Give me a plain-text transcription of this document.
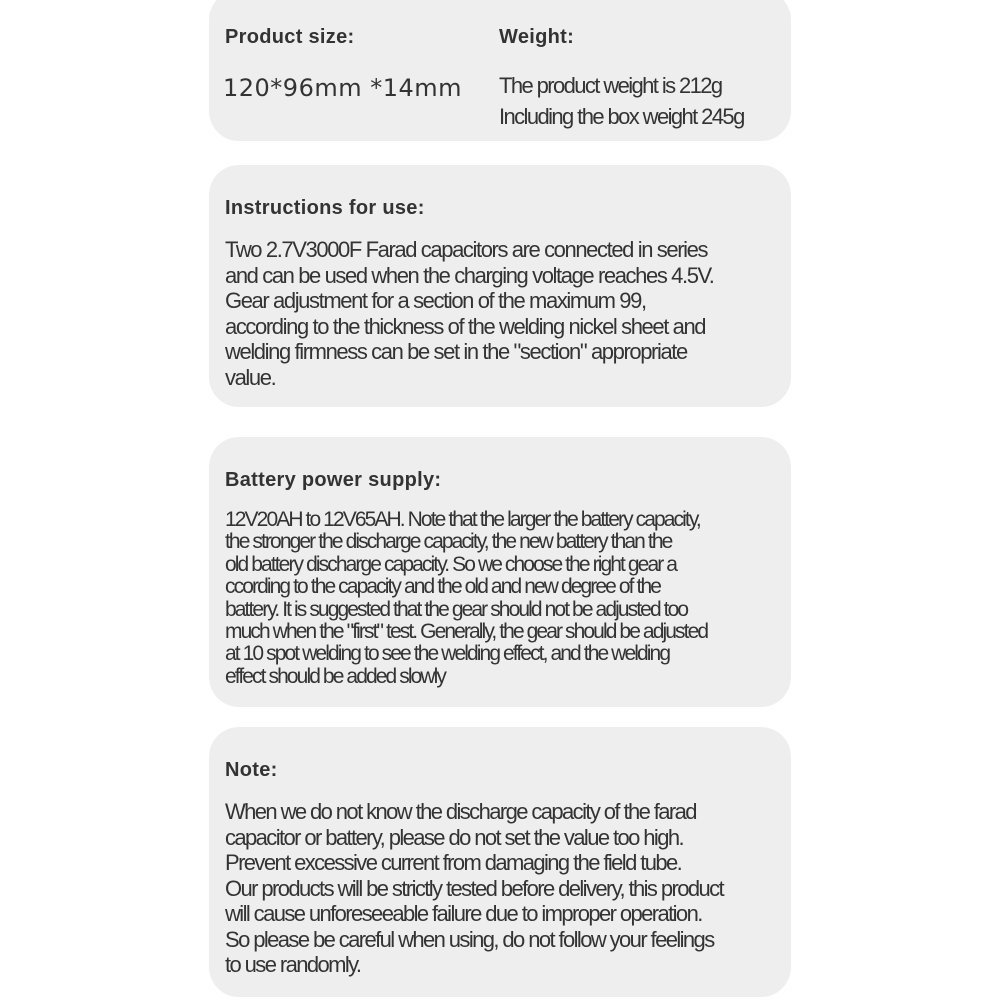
Product size:
120*96mm *14mm
Weight:
The product weight is 212g
Including the box weight 245g
Instructions for use:
Two 2.7V3000F Farad capacitors are connected in series
and can be used when the charging voltage reaches 4.5V.
Gear adjustment for a section of the maximum 99,
according to the thickness of the welding nickel sheet and
welding firmness can be set in the "section" appropriate
value.
Battery power supply:
12V20AH to 12V65AH. Note that the larger the battery capacity,
the stronger the discharge capacity, the new battery than the
old battery discharge capacity. So we choose the right gear a
ccording to the capacity and the old and new degree of the
battery. It is suggested that the gear should not be adjusted too
much when the "first" test. Generally, the gear should be adjusted
at 10 spot welding to see the welding effect, and the welding
effect should be added slowly
Note:
When we do not know the discharge capacity of the farad
capacitor or battery, please do not set the value too high.
Prevent excessive current from damaging the field tube.
Our products will be strictly tested before delivery, this product
will cause unforeseeable failure due to improper operation.
So please be careful when using, do not follow your feelings
to use randomly.
